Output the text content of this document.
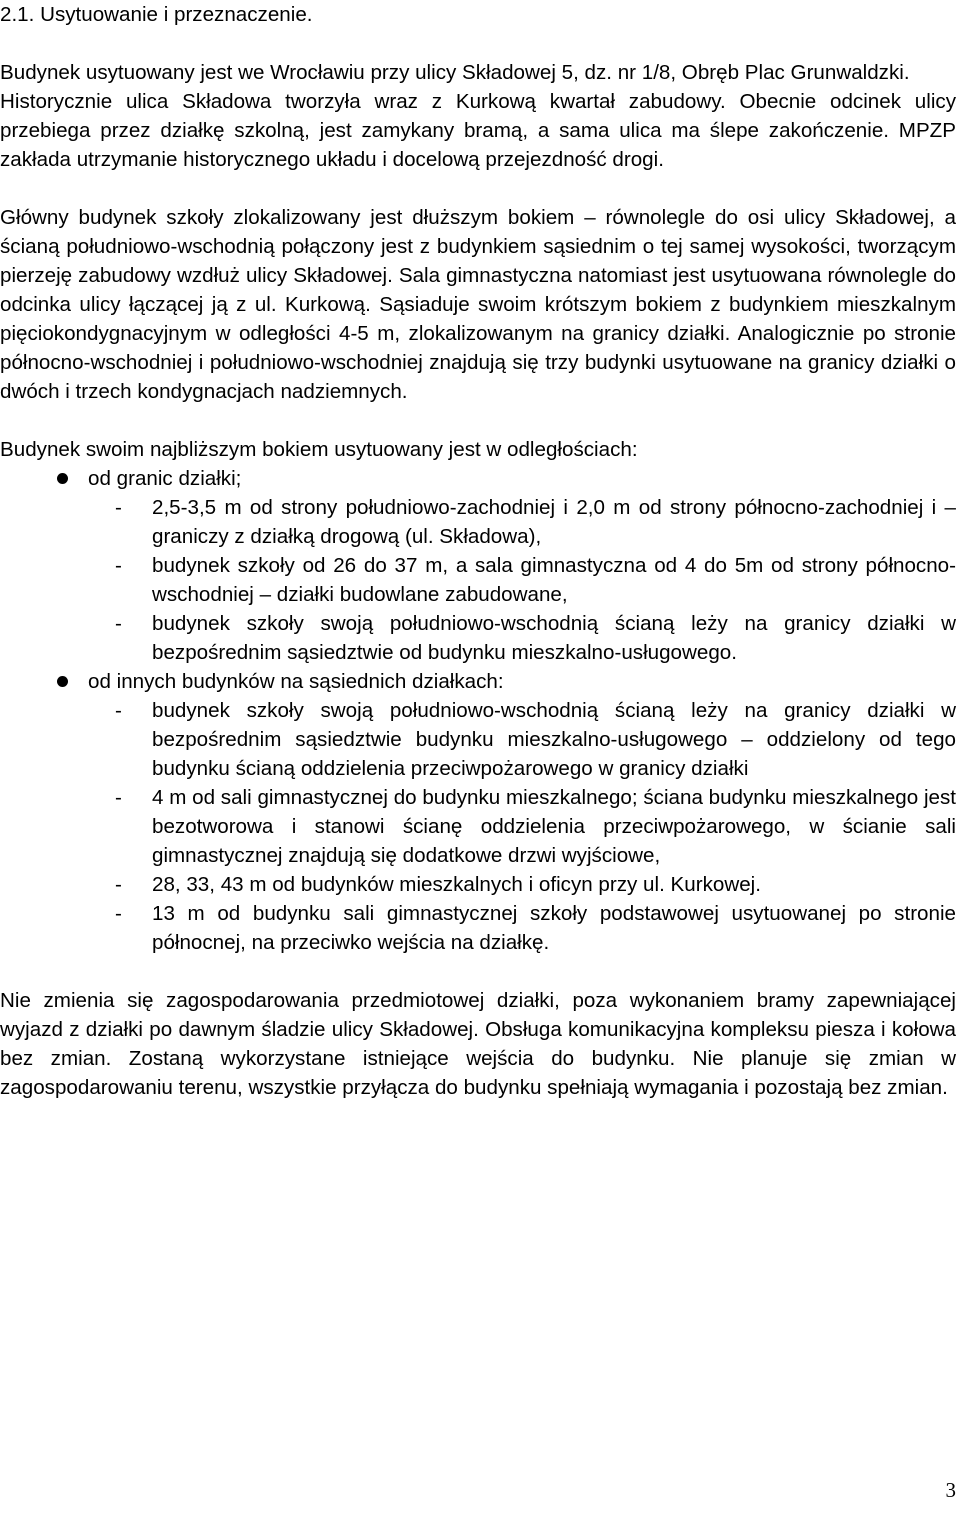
2.1. Usytuowanie i przeznaczenie.

Budynek usytuowany jest we Wrocławiu przy ulicy Składowej 5, dz. nr 1/8, Obręb Plac Grunwaldzki.

Historycznie ulica Składowa tworzyła wraz z Kurkową kwartał zabudowy. Obecnie odcinek ulicy przebiega przez działkę szkolną, jest zamykany bramą, a sama ulica ma ślepe zakończenie. MPZP zakłada utrzymanie historycznego układu i docelową przejezdność drogi.

Główny budynek szkoły zlokalizowany jest dłuższym bokiem – równolegle do osi ulicy Składowej, a ścianą południowo-wschodnią połączony jest z budynkiem sąsiednim o tej samej wysokości, tworzącym pierzeję zabudowy wzdłuż ulicy Składowej. Sala gimnastyczna natomiast jest usytuowana równolegle do odcinka ulicy łączącej ją z ul. Kurkową. Sąsiaduje swoim krótszym bokiem z budynkiem mieszkalnym pięciokondygnacyjnym w odległości 4-5 m, zlokalizowanym na granicy działki. Analogicznie po stronie północno-wschodniej i południowo-wschodniej znajdują się trzy budynki usytuowane na granicy działki o dwóch i trzech kondygnacjach nadziemnych.

Budynek swoim najbliższym bokiem usytuowany jest w odległościach:

od granic działki;
- 2,5-3,5 m od strony południowo-zachodniej i 2,0 m od strony północno-zachodniej i – graniczy z działką drogową (ul. Składowa),
- budynek szkoły od 26 do 37 m, a sala gimnastyczna od 4 do 5m od strony północno-wschodniej – działki budowlane zabudowane,
- budynek szkoły swoją południowo-wschodnią ścianą leży na granicy działki w bezpośrednim sąsiedztwie od budynku mieszkalno-usługowego.
od innych budynków na sąsiednich działkach:
- budynek szkoły swoją południowo-wschodnią ścianą leży na granicy działki w bezpośrednim sąsiedztwie budynku mieszkalno-usługowego – oddzielony od tego budynku ścianą oddzielenia przeciwpożarowego w granicy działki
- 4 m od sali gimnastycznej do budynku mieszkalnego; ściana budynku mieszkalnego jest bezotworowa i stanowi ścianę oddzielenia przeciwpożarowego, w ścianie sali gimnastycznej znajdują się dodatkowe drzwi wyjściowe,
- 28, 33, 43 m od budynków mieszkalnych i oficyn przy ul. Kurkowej.
- 13 m od budynku sali gimnastycznej szkoły podstawowej usytuowanej po stronie północnej, na przeciwko wejścia na działkę.

Nie zmienia się zagospodarowania przedmiotowej działki, poza wykonaniem bramy zapewniającej wyjazd z działki po dawnym śladzie ulicy Składowej. Obsługa komunikacyjna kompleksu piesza i kołowa bez zmian. Zostaną wykorzystane istniejące wejścia do budynku. Nie planuje się zmian w zagospodarowaniu terenu, wszystkie przyłącza do budynku spełniają wymagania i pozostają bez zmian.

3
